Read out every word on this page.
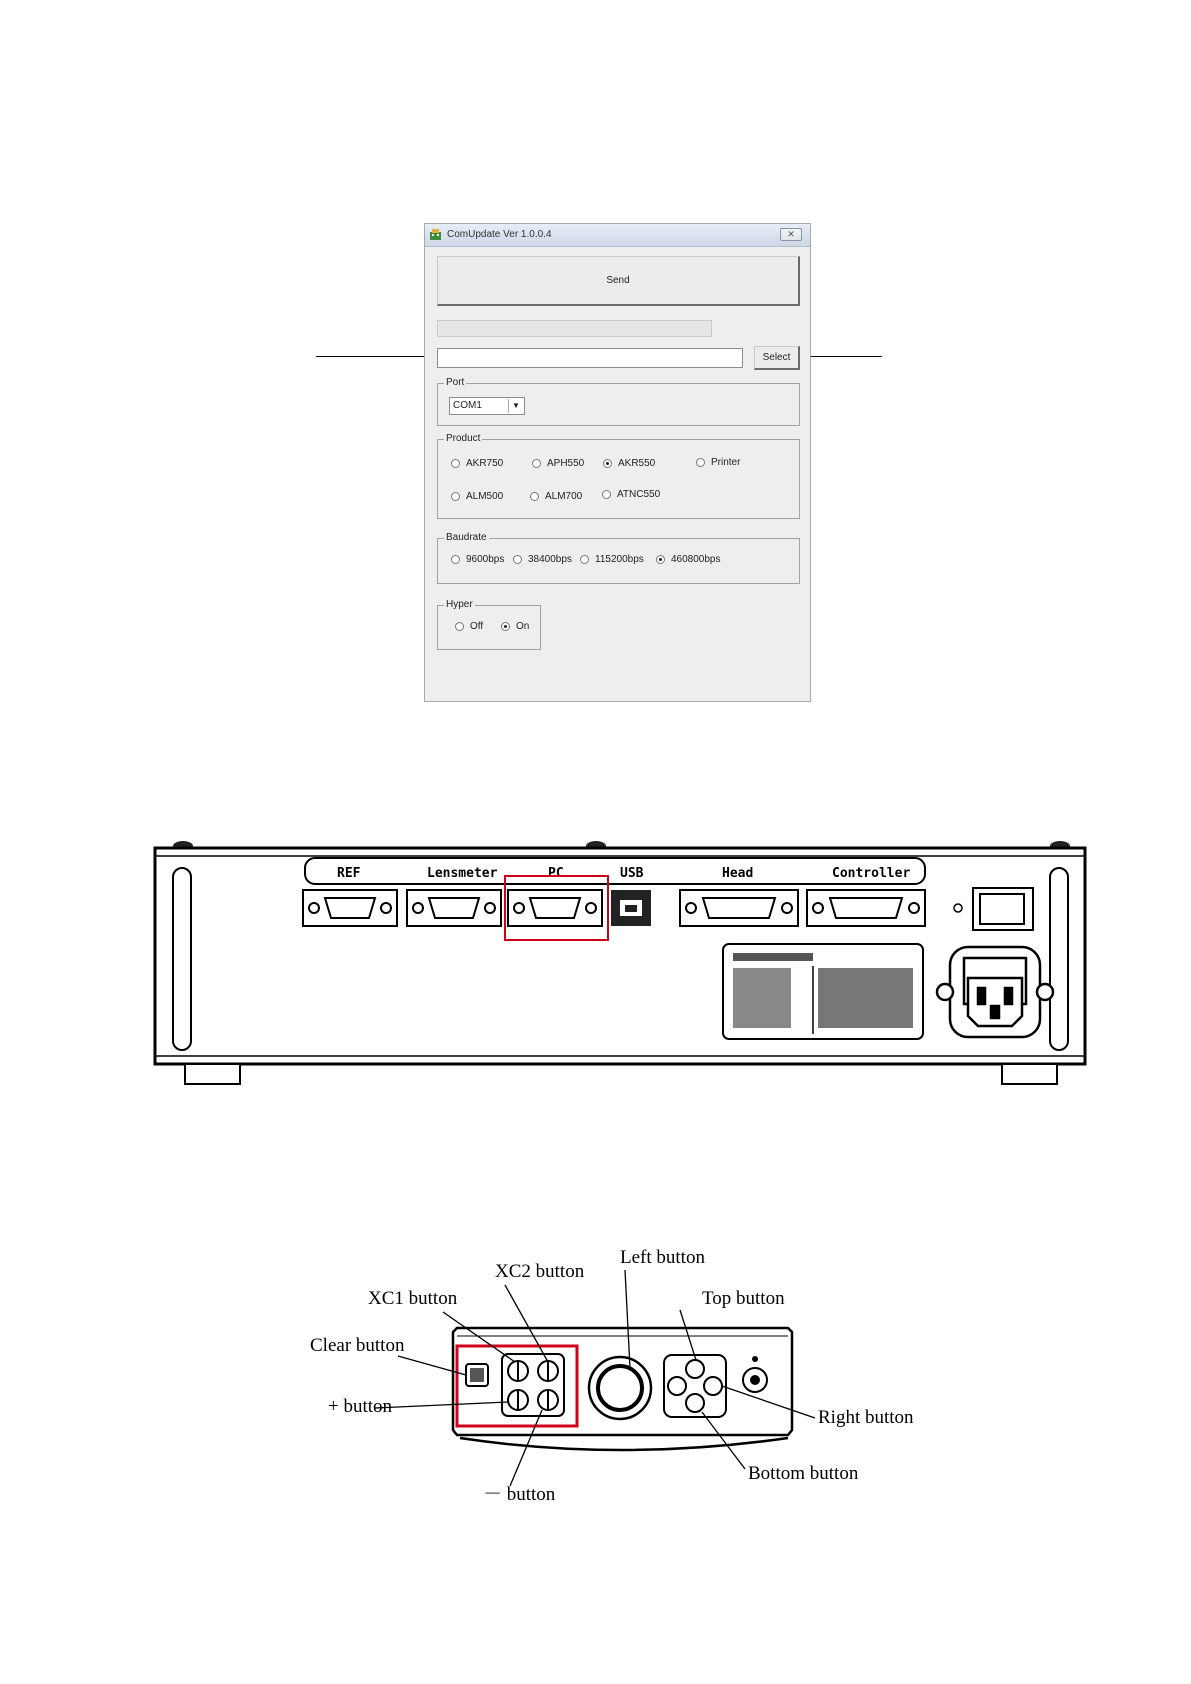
ComUpdate Ver 1.0.0.4	✕
Send
Select
Port
COM1	▼
Product
AKR750	APH550	AKR550	Printer
ALM500	ALM700	ATNC550
Baudrate
9600bps 38400bps 115200bps	460800bps
Hyper
Off	On
REF	Lensmeter	PC	USB	Head	Controller
Left button
XC2 button
XC1 button	Top button
Clear button
+ button
Right button
Bottom button
－ button
